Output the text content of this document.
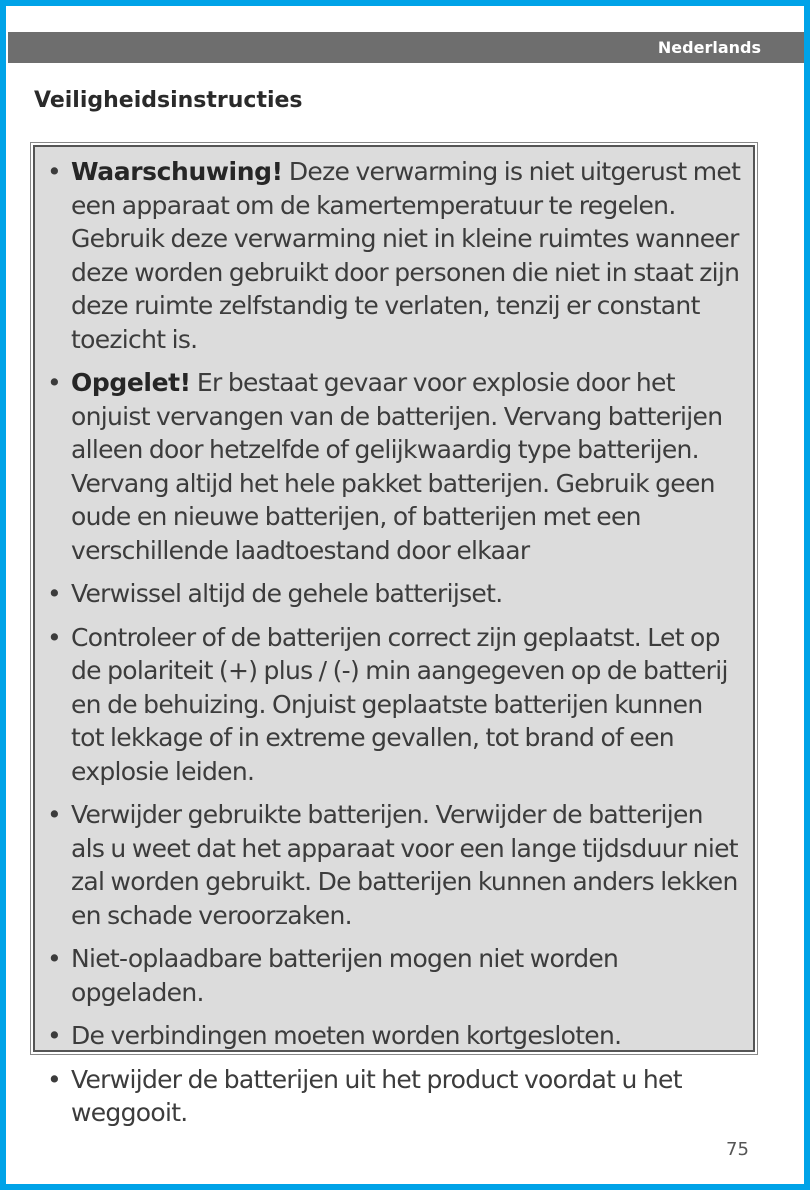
Nederlands
Veiligheidsinstructies
• Waarschuwing! Deze verwarming is niet uitgerust met een apparaat om de kamertemperatuur te regelen. Gebruik deze verwarming niet in kleine ruimtes wanneer deze worden gebruikt door personen die niet in staat zijn deze ruimte zelfstandig te verlaten, tenzij er constant toezicht is.
• Opgelet! Er bestaat gevaar voor explosie door het onjuist vervangen van de batterijen. Vervang batterijen alleen door hetzelfde of gelijkwaardig type batterijen. Vervang altijd het hele pakket batterijen. Gebruik geen oude en nieuwe batterijen, of batterijen met een verschillende laadtoestand door elkaar
• Verwissel altijd de gehele batterijset.
• Controleer of de batterijen correct zijn geplaatst. Let op de polariteit (+) plus / (-) min aangegeven op de batterij en de behuizing. Onjuist geplaatste batterijen kunnen tot lekkage of in extreme gevallen, tot brand of een explosie leiden.
• Verwijder gebruikte batterijen. Verwijder de batterijen als u weet dat het apparaat voor een lange tijdsduur niet zal worden gebruikt. De batterijen kunnen anders lekken en schade veroorzaken.
• Niet-oplaadbare batterijen mogen niet worden opgeladen.
• De verbindingen moeten worden kortgesloten.
• Verwijder de batterijen uit het product voordat u het weggooit.
75
